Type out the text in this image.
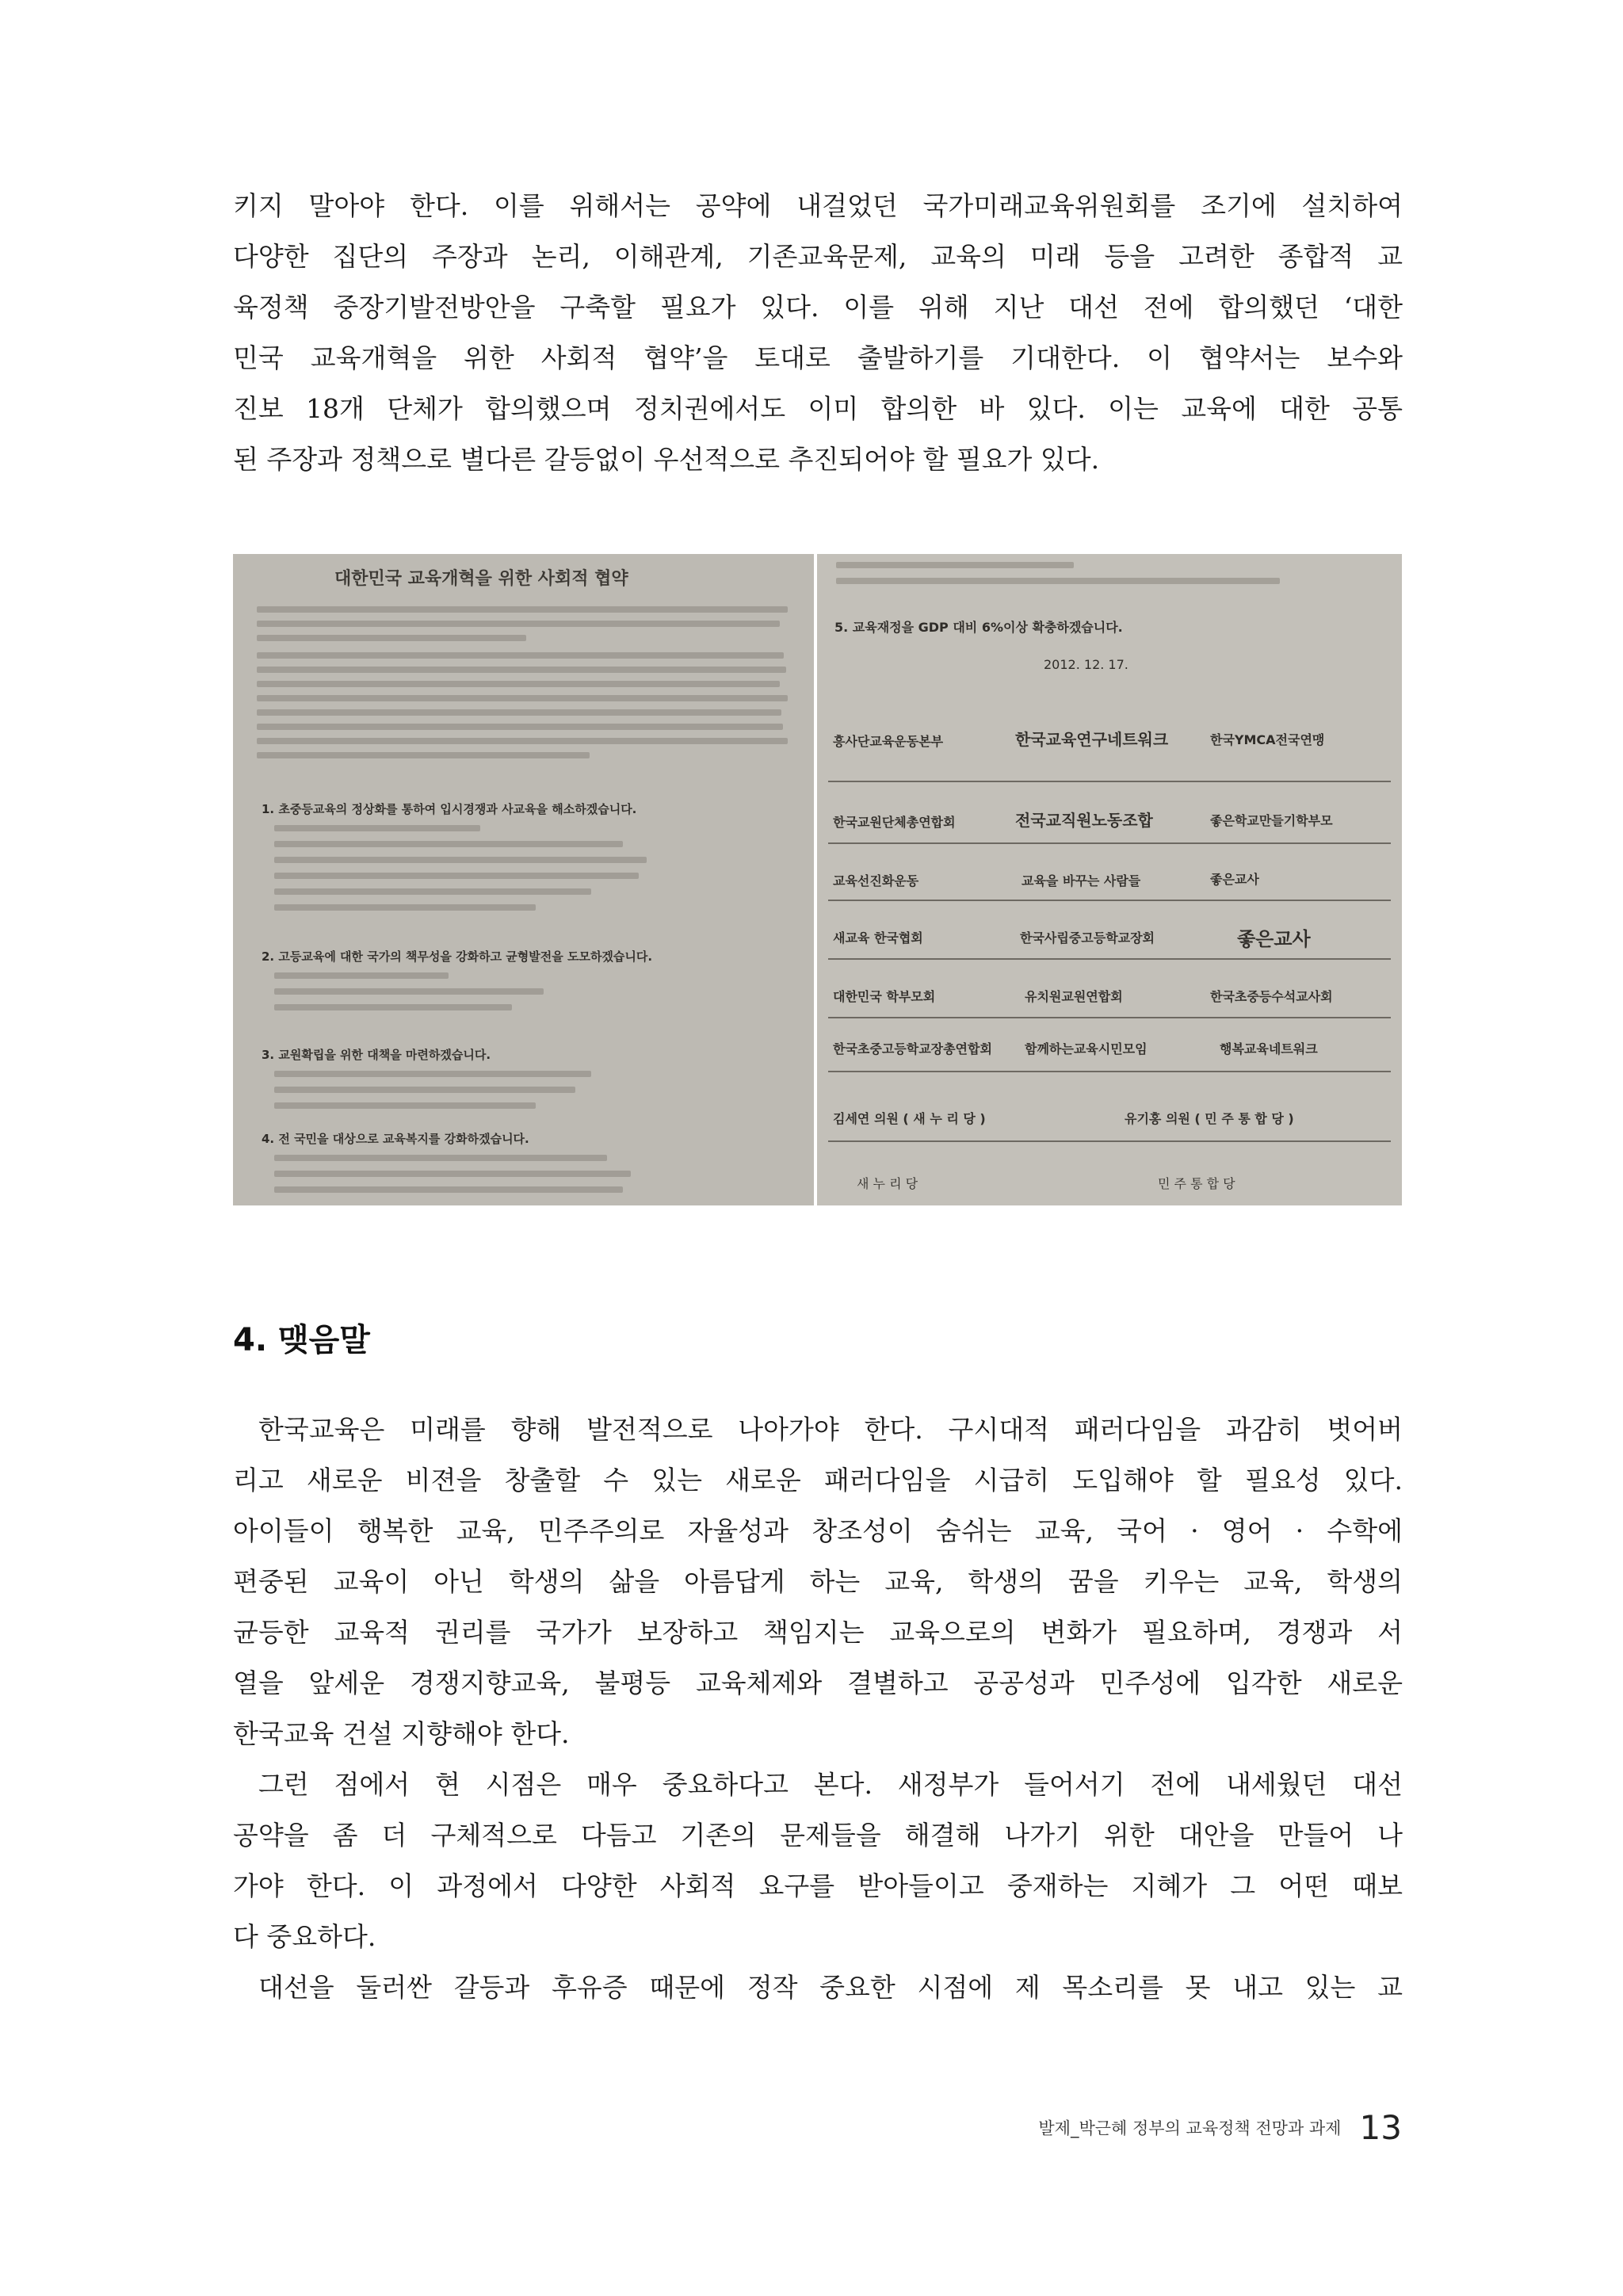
키지 말아야 한다. 이를 위해서는 공약에 내걸었던 국가미래교육위원회를 조기에 설치하여
다양한 집단의 주장과 논리, 이해관계, 기존교육문제, 교육의 미래 등을 고려한 종합적 교
육정책 중장기발전방안을 구축할 필요가 있다. 이를 위해 지난 대선 전에 합의했던 ‘대한
민국 교육개혁을 위한 사회적 협약’을 토대로 출발하기를 기대한다. 이 협약서는 보수와
진보 18개 단체가 합의했으며 정치권에서도 이미 합의한 바 있다. 이는 교육에 대한 공통
된 주장과 정책으로 별다른 갈등없이 우선적으로 추진되어야 할 필요가 있다.
대한민국 교육개혁을 위한 사회적 협약
1. 초중등교육의 정상화를 통하여 입시경쟁과 사교육을 해소하겠습니다.
2. 고등교육에 대한 국가의 책무성을 강화하고 균형발전을 도모하겠습니다.
3. 교원확립을 위한 대책을 마련하겠습니다.
4. 전 국민을 대상으로 교육복지를 강화하겠습니다.
5. 교육재정을 GDP 대비 6%이상 확충하겠습니다.
2012. 12. 17.
흥사단교육운동본부	한국교육연구네트워크	한국YMCA전국연맹
한국교원단체총연합회	전국교직원노동조합	좋은학교만들기학부모
교육선진화운동	교육을 바꾸는 사람들	좋은교사
새교육 한국협회	한국사립중고등학교장회	좋은교사
대한민국 학부모회	유치원교원연합회	한국초중등수석교사회
한국초중고등학교장총연합회	함께하는교육시민모임	행복교육네트워크
김세연 의원 ( 새 누 리 당 )	유기홍 의원 ( 민 주 통 합 당 )
새 누 리 당	민 주 통 합 당
4. 맺음말
한국교육은 미래를 향해 발전적으로 나아가야 한다. 구시대적 패러다임을 과감히 벗어버
리고 새로운 비젼을 창출할 수 있는 새로운 패러다임을 시급히 도입해야 할 필요성 있다.
아이들이 행복한 교육, 민주주의로 자율성과 창조성이 숨쉬는 교육, 국어 · 영어 · 수학에
편중된 교육이 아닌 학생의 삶을 아름답게 하는 교육, 학생의 꿈을 키우는 교육, 학생의
균등한 교육적 권리를 국가가 보장하고 책임지는 교육으로의 변화가 필요하며, 경쟁과 서
열을 앞세운 경쟁지향교육, 불평등 교육체제와 결별하고 공공성과 민주성에 입각한 새로운
한국교육 건설 지향해야 한다.
그런 점에서 현 시점은 매우 중요하다고 본다. 새정부가 들어서기 전에 내세웠던 대선
공약을 좀 더 구체적으로 다듬고 기존의 문제들을 해결해 나가기 위한 대안을 만들어 나
가야 한다. 이 과정에서 다양한 사회적 요구를 받아들이고 중재하는 지혜가 그 어떤 때보
다 중요하다.
대선을 둘러싼 갈등과 후유증 때문에 정작 중요한 시점에 제 목소리를 못 내고 있는 교
발제_박근혜 정부의 교육정책 전망과 과제 13
